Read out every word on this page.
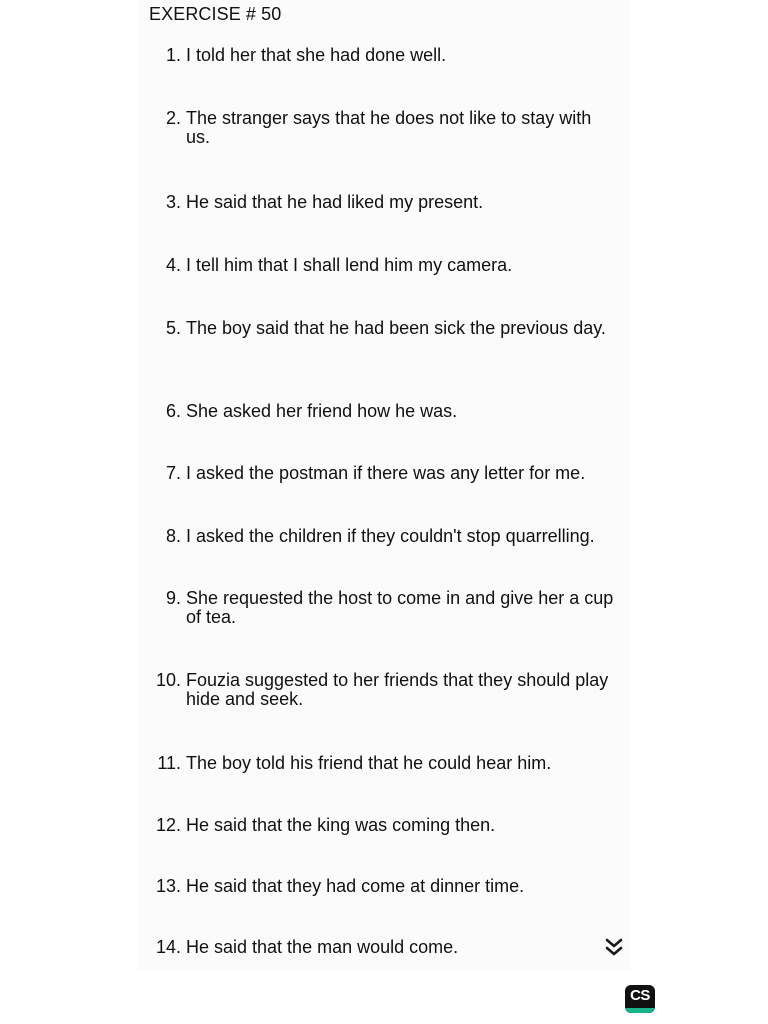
EXERCISE # 50
1. I told her that she had done well.
2. The stranger says that he does not like to stay with us.
3. He said that he had liked my present.
4. I tell him that I shall lend him my camera.
5. The boy said that he had been sick the previous day.
6. She asked her friend how he was.
7. I asked the postman if there was any letter for me.
8. I asked the children if they couldn't stop quarrelling.
9. She requested the host to come in and give her a cup of tea.
10. Fouzia suggested to her friends that they should play hide and seek.
11. The boy told his friend that he could hear him.
12. He said that the king was coming then.
13. He said that they had come at dinner time.
14. He said that the man would come.
CS
